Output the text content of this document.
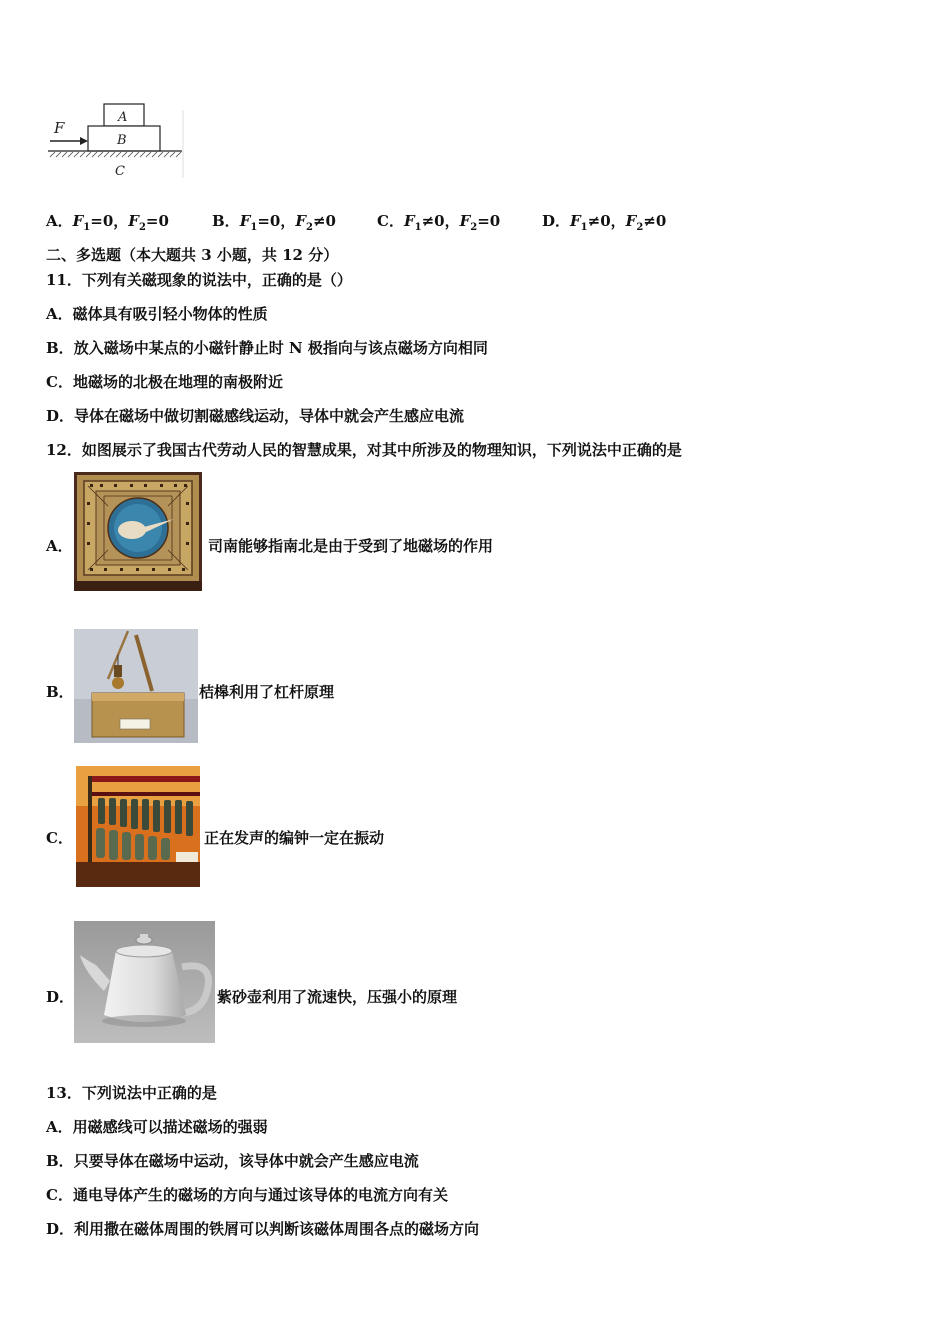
F
A
B
C
A．$F_1=0$，$F_2=0$	B．$F_1=0$，$F_2\ne 0$	C．$F_1\ne 0$，$F_2=0$	D．$F_1\ne 0$，$F_2\ne 0$
二、多选题（本大题共 3 小题，共 12 分）
11．下列有关磁现象的说法中，正确的是（）
A．磁体具有吸引轻小物体的性质
B．放入磁场中某点的小磁针静止时 N 极指向与该点磁场方向相同
C．地磁场的北极在地理的南极附近
D．导体在磁场中做切割磁感线运动，导体中就会产生感应电流
12．如图展示了我国古代劳动人民的智慧成果，对其中所涉及的物理知识，下列说法中正确的是
A．	司南能够指南北是由于受到了地磁场的作用
B．	桔槔利用了杠杆原理
C．	正在发声的编钟一定在振动
D．	紫砂壶利用了流速快，压强小的原理
13．下列说法中正确的是
A．用磁感线可以描述磁场的强弱
B．只要导体在磁场中运动，该导体中就会产生感应电流
C．通电导体产生的磁场的方向与通过该导体的电流方向有关
D．利用撒在磁体周围的铁屑可以判断该磁体周围各点的磁场方向
